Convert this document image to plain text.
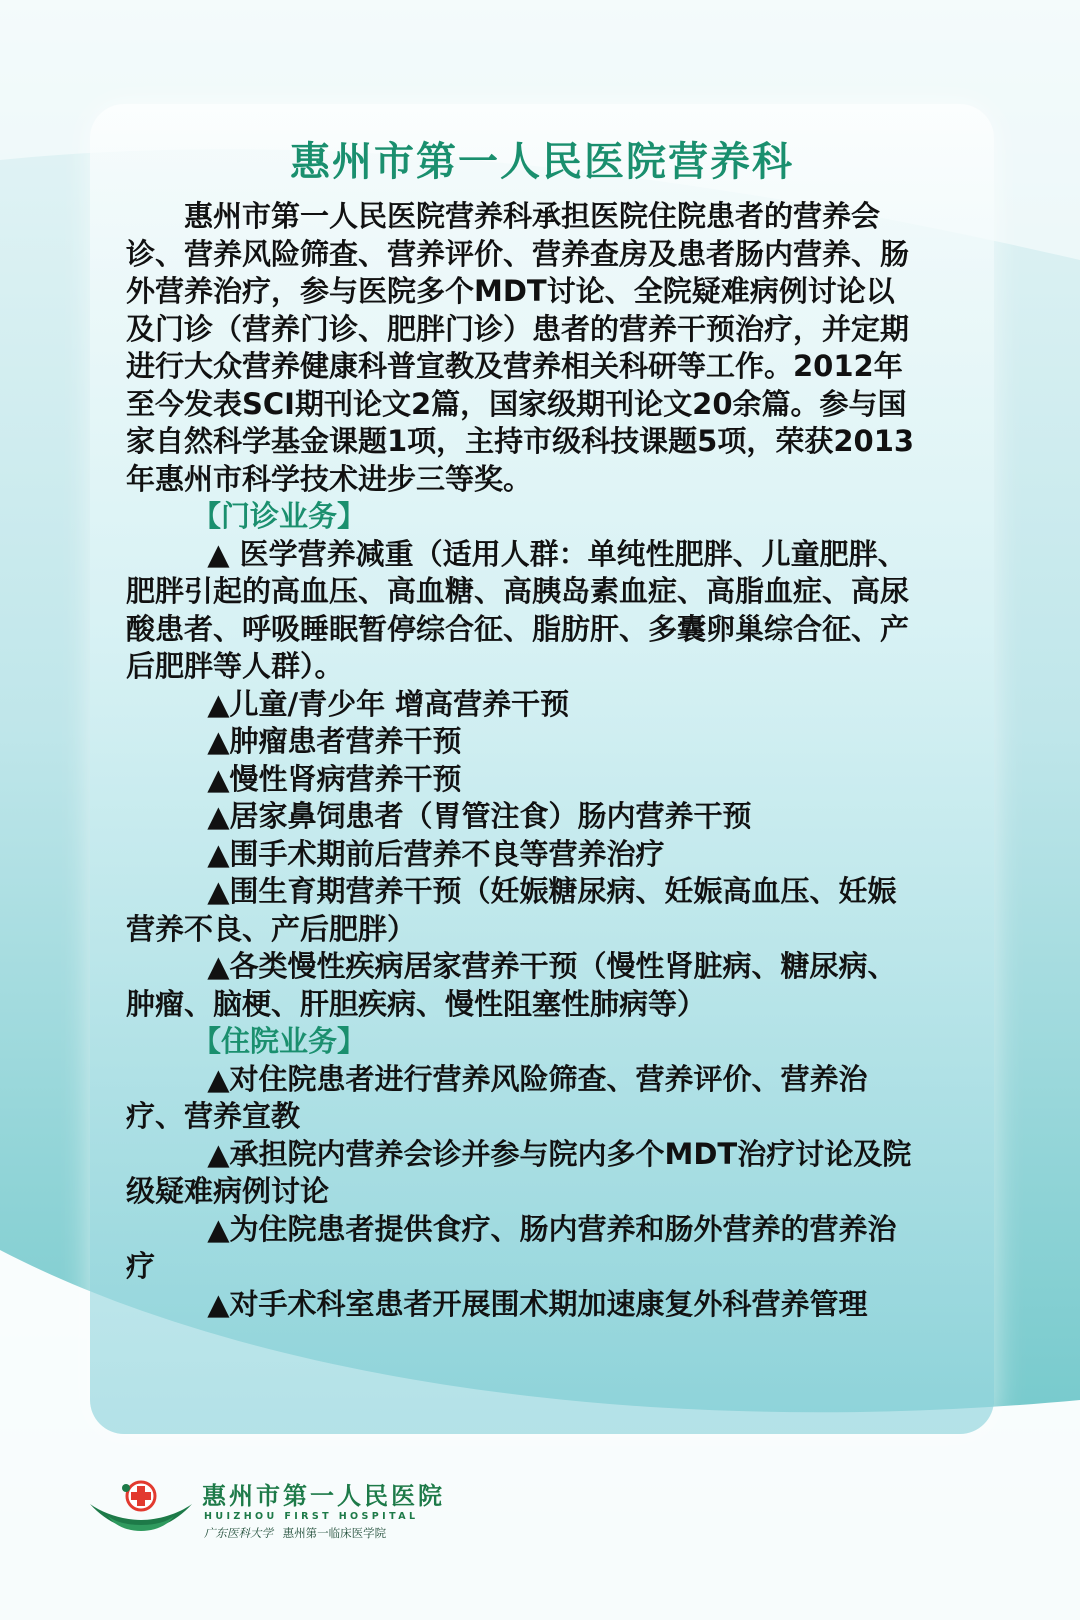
惠州市第一人民医院营养科

惠州市第一人民医院营养科承担医院住院患者的营养会诊、营养风险筛查、营养评价、营养查房及患者肠内营养、肠外营养治疗，参与医院多个MDT讨论、全院疑难病例讨论以及门诊（营养门诊、肥胖门诊）患者的营养干预治疗，并定期进行大众营养健康科普宣教及营养相关科研等工作。2012年至今发表SCI期刊论文2篇，国家级期刊论文20余篇。参与国家自然科学基金课题1项，主持市级科技课题5项，荣获2013年惠州市科学技术进步三等奖。

【门诊业务】

▲ 医学营养减重（适用人群：单纯性肥胖、儿童肥胖、肥胖引起的高血压、高血糖、高胰岛素血症、高脂血症、高尿酸患者、呼吸睡眠暂停综合征、脂肪肝、多囊卵巢综合征、产后肥胖等人群）。

▲儿童/青少年 增高营养干预

▲肿瘤患者营养干预

▲慢性肾病营养干预

▲居家鼻饲患者（胃管注食）肠内营养干预

▲围手术期前后营养不良等营养治疗

▲围生育期营养干预（妊娠糖尿病、妊娠高血压、妊娠营养不良、产后肥胖）

▲各类慢性疾病居家营养干预（慢性肾脏病、糖尿病、肿瘤、脑梗、肝胆疾病、慢性阻塞性肺病等）

【住院业务】

▲对住院患者进行营养风险筛查、营养评价、营养治疗、营养宣教

▲承担院内营养会诊并参与院内多个MDT治疗讨论及院级疑难病例讨论

▲为住院患者提供食疗、肠内营养和肠外营养的营养治疗

▲对手术科室患者开展围术期加速康复外科营养管理

惠州市第一人民医院
HUIZHOU FIRST HOSPITAL
广东医科大学 惠州第一临床医学院
